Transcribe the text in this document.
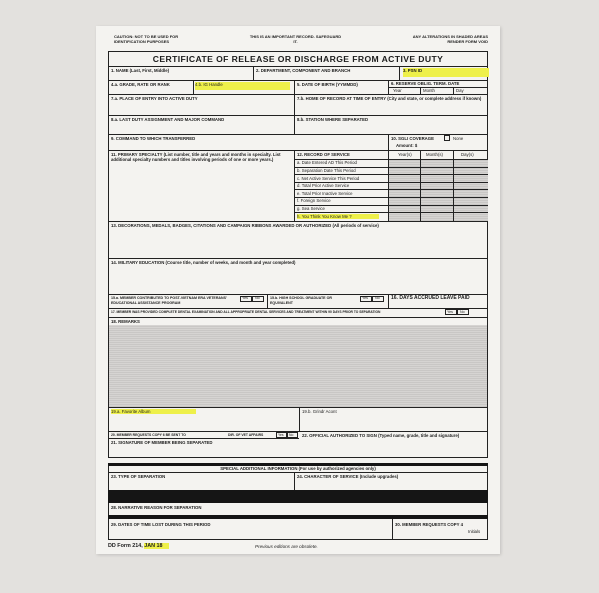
CAUTION: NOT TO BE USED FOR IDENTIFICATION PURPOSES
THIS IS AN IMPORTANT RECORD. SAFEGUARD IT.
ANY ALTERATIONS IN SHADED AREAS RENDER FORM VOID
CERTIFICATE OF RELEASE OR DISCHARGE FROM ACTIVE DUTY
1. NAME (Last, First, Middle)	2. DEPARTMENT, COMPONENT AND BRANCH	3. PSN ID
4.a. GRADE, RATE OR RANK	4.b. IG Handle	5. DATE OF BIRTH (YYMMDD)	6. RESERVE OBLIG. TERM. DATE
Year	Month	Day
7.a. PLACE OF ENTRY INTO ACTIVE DUTY	7.b. HOME OF RECORD AT TIME OF ENTRY (City and state, or complete address if known)
8.a. LAST DUTY ASSIGNMENT AND MAJOR COMMAND	8.b. STATION WHERE SEPARATED
9. COMMAND TO WHICH TRANSFERRED	10. SGLI COVERAGE	None
Amount: $
11. PRIMARY SPECIALTY (List number, title and years and months in specialty. List additional specialty numbers and titles involving periods of one or more years.)
12. RECORD OF SERVICE	Year(s)	Month(s)	Day(s)
a. Date Entered AD This Period
b. Separation Date This Period
c. Net Active Service This Period
d. Total Prior Active Service
e. Total Prior Inactive Service
f. Foreign Service
g. Sea Service
h. You Think You Know Me ?
13. DECORATIONS, MEDALS, BADGES, CITATIONS AND CAMPAIGN RIBBONS AWARDED OR AUTHORIZED (All periods of service)
14. MILITARY EDUCATION (Course title, number of weeks, and month and year completed)
15.a. MEMBER CONTRIBUTED TO POST-VIETNAM ERA VETERANS' EDUCATIONAL ASSISTANCE PROGRAM
Yes No	15.b. HIGH SCHOOL GRADUATE OR EQUIVALENT
Yes No 16. DAYS ACCRUED LEAVE PAID
17. MEMBER WAS PROVIDED COMPLETE DENTAL EXAMINATION AND ALL APPROPRIATE DENTAL SERVICES AND TREATMENT WITHIN 90 DAYS PRIOR TO SEPARATION	Yes No
18. REMARKS
19.a. Favorite Album	19.b. Grindr Acont
20. MEMBER REQUESTS COPY 6 BE SENT TO	DIR. OF VET AFFAIRS	Yes No
21. SIGNATURE OF MEMBER BEING SEPARATED
22. OFFICIAL AUTHORIZED TO SIGN (Typed name, grade, title and signature)
SPECIAL ADDITIONAL INFORMATION (For use by authorized agencies only)
23. TYPE OF SEPARATION	24. CHARACTER OF SERVICE (Include upgrades)
28. NARRATIVE REASON FOR SEPARATION
29. DATES OF TIME LOST DURING THIS PERIOD	30. MEMBER REQUESTS COPY 4
Initials
DD Form 214, JAN 18	Previous editions are obsolete.
